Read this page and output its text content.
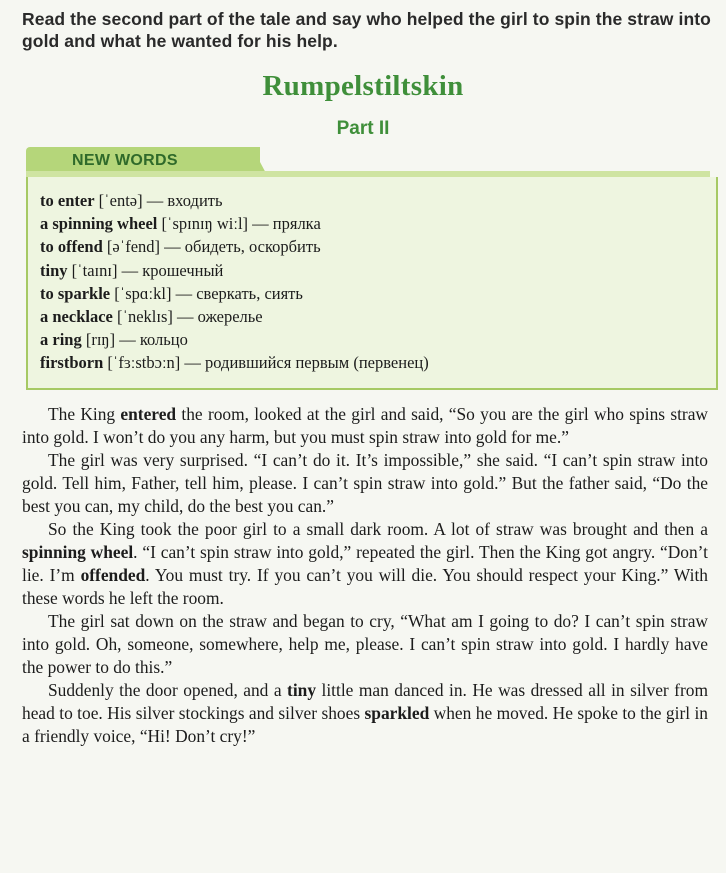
Read the second part of the tale and say who helped the girl to spin the straw into gold and what he wanted for his help.
Rumpelstiltskin
Part II
NEW WORDS
to enter [ˈentə] — входить
a spinning wheel [ˈspɪnɪŋ wiːl] — прялка
to offend [əˈfend] — обидеть, оскорбить
tiny [ˈtaɪnɪ] — крошечный
to sparkle [ˈspɑːkl] — сверкать, сиять
a necklace [ˈneklɪs] — ожерелье
a ring [rɪŋ] — кольцо
firstborn [ˈfɜːstbɔːn] — родившийся первым (первенец)

The King entered the room, looked at the girl and said, “So you are the girl who spins straw into gold. I won’t do you any harm, but you must spin straw into gold for me.”

The girl was very surprised. “I can’t do it. It’s impossible,” she said. “I can’t spin straw into gold. Tell him, Father, tell him, please. I can’t spin straw into gold.” But the father said, “Do the best you can, my child, do the best you can.”

So the King took the poor girl to a small dark room. A lot of straw was brought and then a spinning wheel. “I can’t spin straw into gold,” repeated the girl. Then the King got angry. “Don’t lie. I’m offended. You must try. If you can’t you will die. You should respect your King.” With these words he left the room.

The girl sat down on the straw and began to cry, “What am I going to do? I can’t spin straw into gold. Oh, someone, somewhere, help me, please. I can’t spin straw into gold. I hardly have the power to do this.”

Suddenly the door opened, and a tiny little man danced in. He was dressed all in silver from head to toe. His silver stockings and silver shoes sparkled when he moved. He spoke to the girl in a friendly voice, “Hi! Don’t cry!”
